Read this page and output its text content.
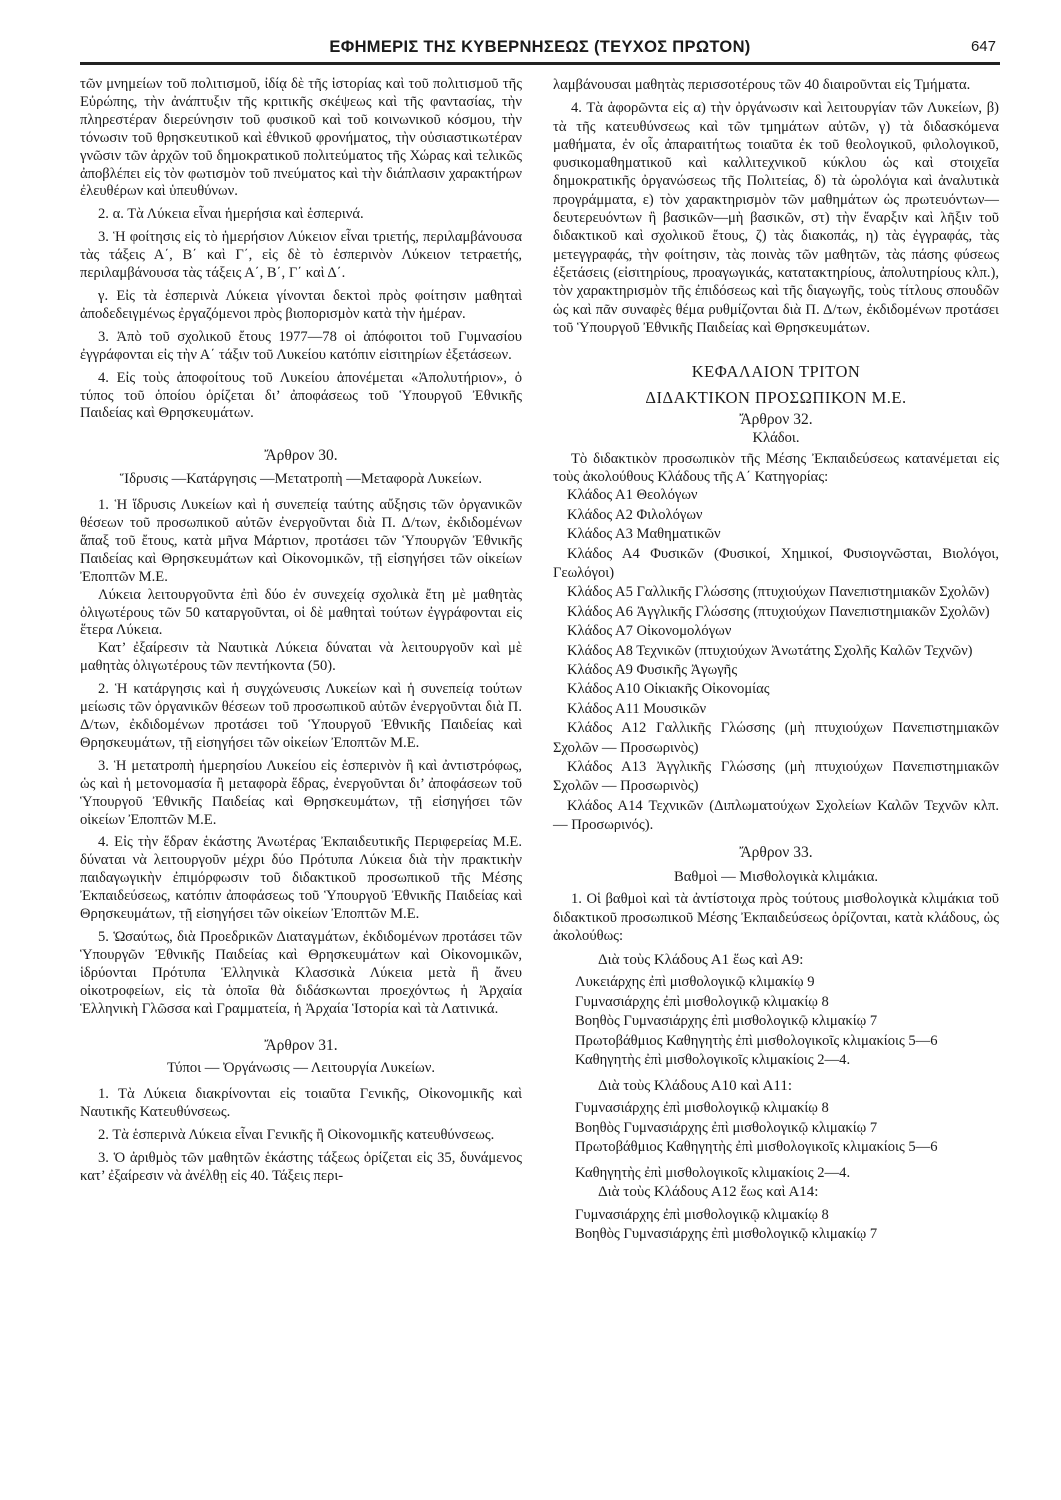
ΕΦΗΜΕΡΙΣ ΤΗΣ ΚΥΒΕΡΝΗΣΕΩΣ (ΤΕΥΧΟΣ ΠΡΩΤΟΝ)	647

τῶν μνημείων τοῦ πολιτισμοῦ, ἰδίᾳ δὲ τῆς ἱστορίας καὶ τοῦ πολιτισμοῦ τῆς Εὐρώπης, τὴν ἀνάπτυξιν τῆς κριτικῆς σκέψεως καὶ τῆς φαντασίας, τὴν πληρεστέραν διερεύνησιν τοῦ φυσικοῦ καὶ τοῦ κοινωνικοῦ κόσμου, τὴν τόνωσιν τοῦ θρησκευτικοῦ καὶ ἐθνικοῦ φρονήματος, τὴν οὐσιαστικωτέραν γνῶσιν τῶν ἀρχῶν τοῦ δημοκρατικοῦ πολιτεύματος τῆς Χώρας καὶ τελικῶς ἀποβλέπει εἰς τὸν φωτισμὸν τοῦ πνεύματος καὶ τὴν διάπλασιν χαρακτήρων ἐλευθέρων καὶ ὑπευθύνων.

2. α. Τὰ Λύκεια εἶναι ἡμερήσια καὶ ἑσπερινά.

3. Ἡ φοίτησις εἰς τὸ ἡμερήσιον Λύκειον εἶναι τριετής, περιλαμβάνουσα τὰς τάξεις Α΄, Β΄ καὶ Γ΄, εἰς δὲ τὸ ἑσπερινὸν Λύκειον τετραετής, περιλαμβάνουσα τὰς τάξεις Α΄, Β΄, Γ΄ καὶ Δ΄.

γ. Εἰς τὰ ἑσπερινὰ Λύκεια γίνονται δεκτοὶ πρὸς φοίτησιν μαθηταὶ ἀποδεδειγμένως ἐργαζόμενοι πρὸς βιοπορισμὸν κατὰ τὴν ἡμέραν.

3. Ἀπὸ τοῦ σχολικοῦ ἔτους 1977—78 οἱ ἀπόφοιτοι τοῦ Γυμνασίου ἐγγράφονται εἰς τὴν Α΄ τάξιν τοῦ Λυκείου κατόπιν εἰσιτηρίων ἐξετάσεων.

4. Εἰς τοὺς ἀποφοίτους τοῦ Λυκείου ἀπονέμεται «Ἀπολυτήριον», ὁ τύπος τοῦ ὁποίου ὁρίζεται δι’ ἀποφάσεως τοῦ Ὑπουργοῦ Ἐθνικῆς Παιδείας καὶ Θρησκευμάτων.

Ἄρθρον 30.
Ἵδρυσις —Κατάργησις —Μετατροπὴ —Μεταφορὰ Λυκείων.

1. Ἡ ἵδρυσις Λυκείων καὶ ἡ συνεπείᾳ ταύτης αὔξησις τῶν ὀργανικῶν θέσεων τοῦ προσωπικοῦ αὐτῶν ἐνεργοῦνται διὰ Π. Δ/των, ἐκδιδομένων ἅπαξ τοῦ ἔτους, κατὰ μῆνα Μάρτιον, προτάσει τῶν Ὑπουργῶν Ἐθνικῆς Παιδείας καὶ Θρησκευμάτων καὶ Οἰκονομικῶν, τῇ εἰσηγήσει τῶν οἰκείων Ἐποπτῶν Μ.Ε.

Λύκεια λειτουργοῦντα ἐπὶ δύο ἐν συνεχείᾳ σχολικὰ ἔτη μὲ μαθητὰς ὀλιγωτέρους τῶν 50 καταργοῦνται, οἱ δὲ μαθηταὶ τούτων ἐγγράφονται εἰς ἕτερα Λύκεια.

Κατ’ ἐξαίρεσιν τὰ Ναυτικὰ Λύκεια δύναται νὰ λειτουργοῦν καὶ μὲ μαθητὰς ὀλιγωτέρους τῶν πεντήκοντα (50).

2. Ἡ κατάργησις καὶ ἡ συγχώνευσις Λυκείων καὶ ἡ συνεπείᾳ τούτων μείωσις τῶν ὀργανικῶν θέσεων τοῦ προσωπικοῦ αὐτῶν ἐνεργοῦνται διὰ Π. Δ/των, ἐκδιδομένων προτάσει τοῦ Ὑπουργοῦ Ἐθνικῆς Παιδείας καὶ Θρησκευμάτων, τῇ εἰσηγήσει τῶν οἰκείων Ἐποπτῶν Μ.Ε.

3. Ἡ μετατροπὴ ἡμερησίου Λυκείου εἰς ἑσπερινὸν ἢ καὶ ἀντιστρόφως, ὡς καὶ ἡ μετονομασία ἢ μεταφορὰ ἕδρας, ἐνεργοῦνται δι’ ἀποφάσεων τοῦ Ὑπουργοῦ Ἐθνικῆς Παιδείας καὶ Θρησκευμάτων, τῇ εἰσηγήσει τῶν οἰκείων Ἐποπτῶν Μ.Ε.

4. Εἰς τὴν ἕδραν ἑκάστης Ἀνωτέρας Ἐκπαιδευτικῆς Περιφερείας Μ.Ε. δύναται νὰ λειτουργοῦν μέχρι δύο Πρότυπα Λύκεια διὰ τὴν πρακτικὴν παιδαγωγικὴν ἐπιμόρφωσιν τοῦ διδακτικοῦ προσωπικοῦ τῆς Μέσης Ἐκπαιδεύσεως, κατόπιν ἀποφάσεως τοῦ Ὑπουργοῦ Ἐθνικῆς Παιδείας καὶ Θρησκευμάτων, τῇ εἰσηγήσει τῶν οἰκείων Ἐποπτῶν Μ.Ε.

5. Ὡσαύτως, διὰ Προεδρικῶν Διαταγμάτων, ἐκδιδομένων προτάσει τῶν Ὑπουργῶν Ἐθνικῆς Παιδείας καὶ Θρησκευμάτων καὶ Οἰκονομικῶν, ἱδρύονται Πρότυπα Ἑλληνικὰ Κλασσικὰ Λύκεια μετὰ ἢ ἄνευ οἰκοτροφείων, εἰς τὰ ὁποῖα θὰ διδάσκωνται προεχόντως ἡ Ἀρχαία Ἑλληνικὴ Γλῶσσα καὶ Γραμματεία, ἡ Ἀρχαία Ἱστορία καὶ τὰ Λατινικά.

Ἄρθρον 31.
Τύποι — Ὀργάνωσις — Λειτουργία Λυκείων.

1. Τὰ Λύκεια διακρίνονται εἰς τοιαῦτα Γενικῆς, Οἰκονομικῆς καὶ Ναυτικῆς Κατευθύνσεως.

2. Τὰ ἑσπερινὰ Λύκεια εἶναι Γενικῆς ἢ Οἰκονομικῆς κατευθύνσεως.

3. Ὁ ἀριθμὸς τῶν μαθητῶν ἑκάστης τάξεως ὁρίζεται εἰς 35, δυνάμενος κατ’ ἐξαίρεσιν νὰ ἀνέλθῃ εἰς 40. Τάξεις περι-

λαμβάνουσαι μαθητὰς περισσοτέρους τῶν 40 διαιροῦνται εἰς Τμήματα.

4. Τὰ ἀφορῶντα εἰς α) τὴν ὀργάνωσιν καὶ λειτουργίαν τῶν Λυκείων, β) τὰ τῆς κατευθύνσεως καὶ τῶν τμημάτων αὐτῶν, γ) τὰ διδασκόμενα μαθήματα, ἐν οἷς ἀπαραιτήτως τοιαῦτα ἐκ τοῦ θεολογικοῦ, φιλολογικοῦ, φυσικομαθηματικοῦ καὶ καλλιτεχνικοῦ κύκλου ὡς καὶ στοιχεῖα δημοκρατικῆς ὀργανώσεως τῆς Πολιτείας, δ) τὰ ὡρολόγια καὶ ἀναλυτικὰ προγράμματα, ε) τὸν χαρακτηρισμὸν τῶν μαθημάτων ὡς πρωτευόντων—δευτερευόντων ἢ βασικῶν—μὴ βασικῶν, στ) τὴν ἔναρξιν καὶ λῆξιν τοῦ διδακτικοῦ καὶ σχολικοῦ ἔτους, ζ) τὰς διακοπάς, η) τὰς ἐγγραφάς, τὰς μετεγγραφάς, τὴν φοίτησιν, τὰς ποινὰς τῶν μαθητῶν, τὰς πάσης φύσεως ἐξετάσεις (εἰσιτηρίους, προαγωγικάς, κατατακτηρίους, ἀπολυτηρίους κλπ.), τὸν χαρακτηρισμὸν τῆς ἐπιδόσεως καὶ τῆς διαγωγῆς, τοὺς τίτλους σπουδῶν ὡς καὶ πᾶν συναφὲς θέμα ρυθμίζονται διὰ Π. Δ/των, ἐκδιδομένων προτάσει τοῦ Ὑπουργοῦ Ἐθνικῆς Παιδείας καὶ Θρησκευμάτων.

ΚΕΦΑΛΑΙΟΝ ΤΡΙΤΟΝ
ΔΙΔΑΚΤΙΚΟΝ ΠΡΟΣΩΠΙΚΟΝ Μ.Ε.
Ἄρθρον 32.
Κλάδοι.

Τὸ διδακτικὸν προσωπικὸν τῆς Μέσης Ἐκπαιδεύσεως κατανέμεται εἰς τοὺς ἀκολούθους Κλάδους τῆς Α΄ Κατηγορίας:

Κλάδος Α1 Θεολόγων

Κλάδος Α2 Φιλολόγων

Κλάδος Α3 Μαθηματικῶν

Κλάδος Α4 Φυσικῶν (Φυσικοί, Χημικοί, Φυσιογνῶσται, Βιολόγοι, Γεωλόγοι)

Κλάδος Α5 Γαλλικῆς Γλώσσης (πτυχιούχων Πανεπιστημιακῶν Σχολῶν)

Κλάδος Α6 Ἀγγλικῆς Γλώσσης (πτυχιούχων Πανεπιστημιακῶν Σχολῶν)

Κλάδος Α7 Οἰκονομολόγων

Κλάδος Α8 Τεχνικῶν (πτυχιούχων Ἀνωτάτης Σχολῆς Καλῶν Τεχνῶν)

Κλάδος Α9 Φυσικῆς Ἀγωγῆς

Κλάδος Α10 Οἰκιακῆς Οἰκονομίας

Κλάδος Α11 Μουσικῶν

Κλάδος Α12 Γαλλικῆς Γλώσσης (μὴ πτυχιούχων Πανεπιστημιακῶν Σχολῶν — Προσωρινὸς)

Κλάδος Α13 Ἀγγλικῆς Γλώσσης (μὴ πτυχιούχων Πανεπιστημιακῶν Σχολῶν — Προσωρινὸς)

Κλάδος Α14 Τεχνικῶν (Διπλωματούχων Σχολείων Καλῶν Τεχνῶν κλπ. — Προσωρινός).

Ἄρθρον 33.
Βαθμοὶ — Μισθολογικὰ κλιμάκια.

1. Οἱ βαθμοὶ καὶ τὰ ἀντίστοιχα πρὸς τούτους μισθολογικὰ κλιμάκια τοῦ διδακτικοῦ προσωπικοῦ Μέσης Ἐκπαιδεύσεως ὁρίζονται, κατὰ κλάδους, ὡς ἀκολούθως:

Διὰ τοὺς Κλάδους Α1 ἕως καὶ Α9:

Λυκειάρχης ἐπὶ μισθολογικῷ κλιμακίῳ 9

Γυμνασιάρχης ἐπὶ μισθολογικῷ κλιμακίῳ 8

Βοηθὸς Γυμνασιάρχης ἐπὶ μισθολογικῷ κλιμακίῳ 7

Πρωτοβάθμιος Καθηγητὴς ἐπὶ μισθολογικοῖς κλιμακίοις 5—6

Καθηγητὴς ἐπὶ μισθολογικοῖς κλιμακίοις 2—4.

Διὰ τοὺς Κλάδους Α10 καὶ Α11:

Γυμνασιάρχης ἐπὶ μισθολογικῷ κλιμακίῳ 8

Βοηθὸς Γυμνασιάρχης ἐπὶ μισθολογικῷ κλιμακίῳ 7

Πρωτοβάθμιος Καθηγητὴς ἐπὶ μισθολογικοῖς κλιμακίοις 5—6

Καθηγητὴς ἐπὶ μισθολογικοῖς κλιμακίοις 2—4.

Διὰ τοὺς Κλάδους Α12 ἕως καὶ Α14:

Γυμνασιάρχης ἐπὶ μισθολογικῷ κλιμακίῳ 8

Βοηθὸς Γυμνασιάρχης ἐπὶ μισθολογικῷ κλιμακίῳ 7
